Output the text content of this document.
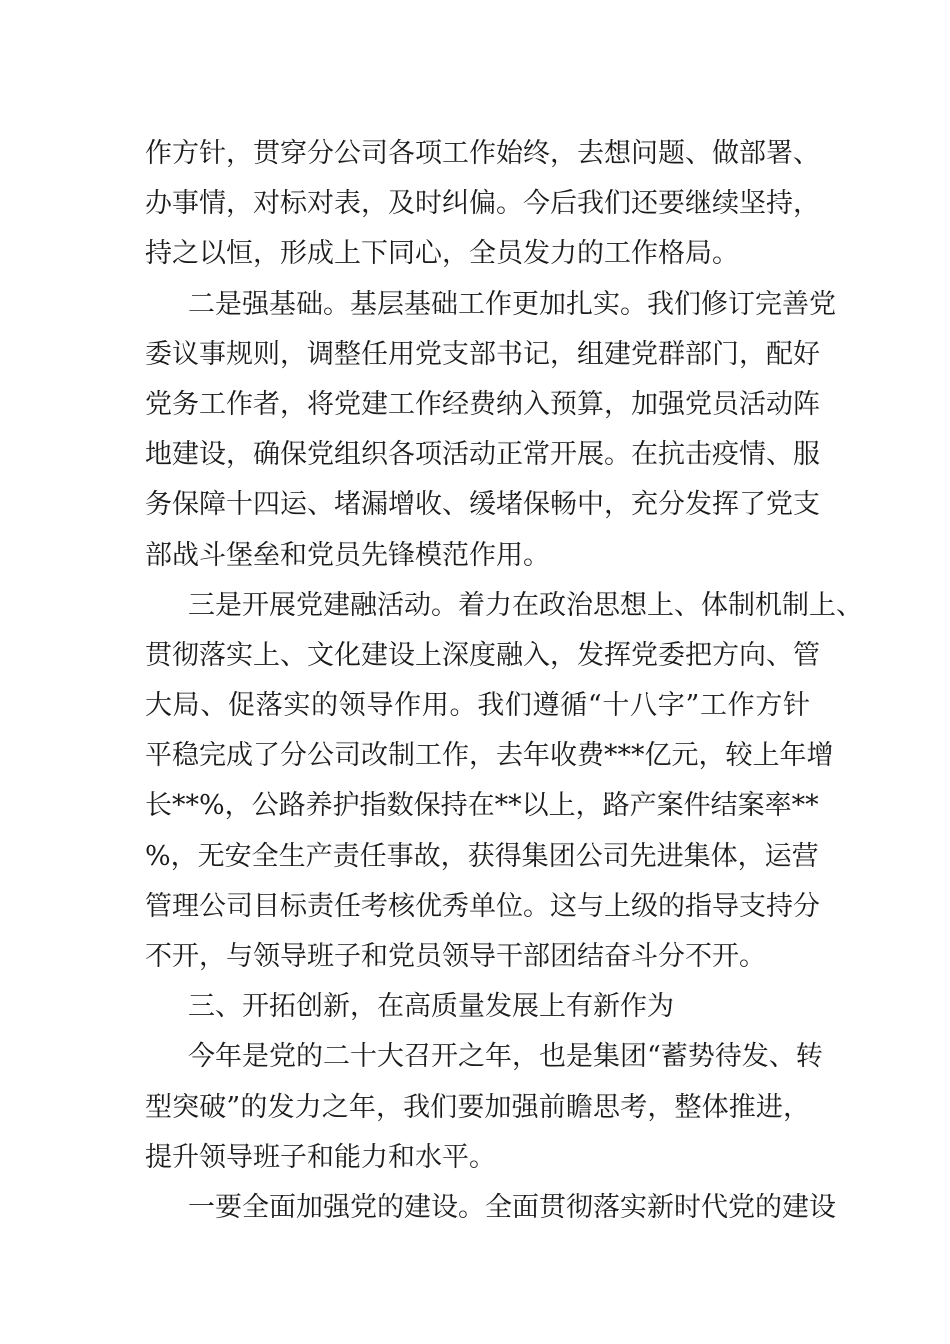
作方针，贯穿分公司各项工作始终，去想问题、做部署、
办事情，对标对表，及时纠偏。今后我们还要继续坚持，
持之以恒，形成上下同心，全员发力的工作格局。
二是强基础。基层基础工作更加扎实。我们修订完善党
委议事规则，调整任用党支部书记，组建党群部门，配好
党务工作者，将党建工作经费纳入预算，加强党员活动阵
地建设，确保党组织各项活动正常开展。在抗击疫情、服
务保障十四运、堵漏增收、缓堵保畅中，充分发挥了党支
部战斗堡垒和党员先锋模范作用。
三是开展党建融活动。着力在政治思想上、体制机制上、
贯彻落实上、文化建设上深度融入，发挥党委把方向、管
大局、促落实的领导作用。我们遵循“十八字”工作方针
平稳完成了分公司改制工作，去年收费***亿元，较上年增
长**%，公路养护指数保持在**以上，路产案件结案率**
%，无安全生产责任事故，获得集团公司先进集体，运营
管理公司目标责任考核优秀单位。这与上级的指导支持分
不开，与领导班子和党员领导干部团结奋斗分不开。
三、开拓创新，在高质量发展上有新作为
今年是党的二十大召开之年，也是集团“蓄势待发、转
型突破”的发力之年，我们要加强前瞻思考，整体推进，
提升领导班子和能力和水平。
一要全面加强党的建设。全面贯彻落实新时代党的建设
